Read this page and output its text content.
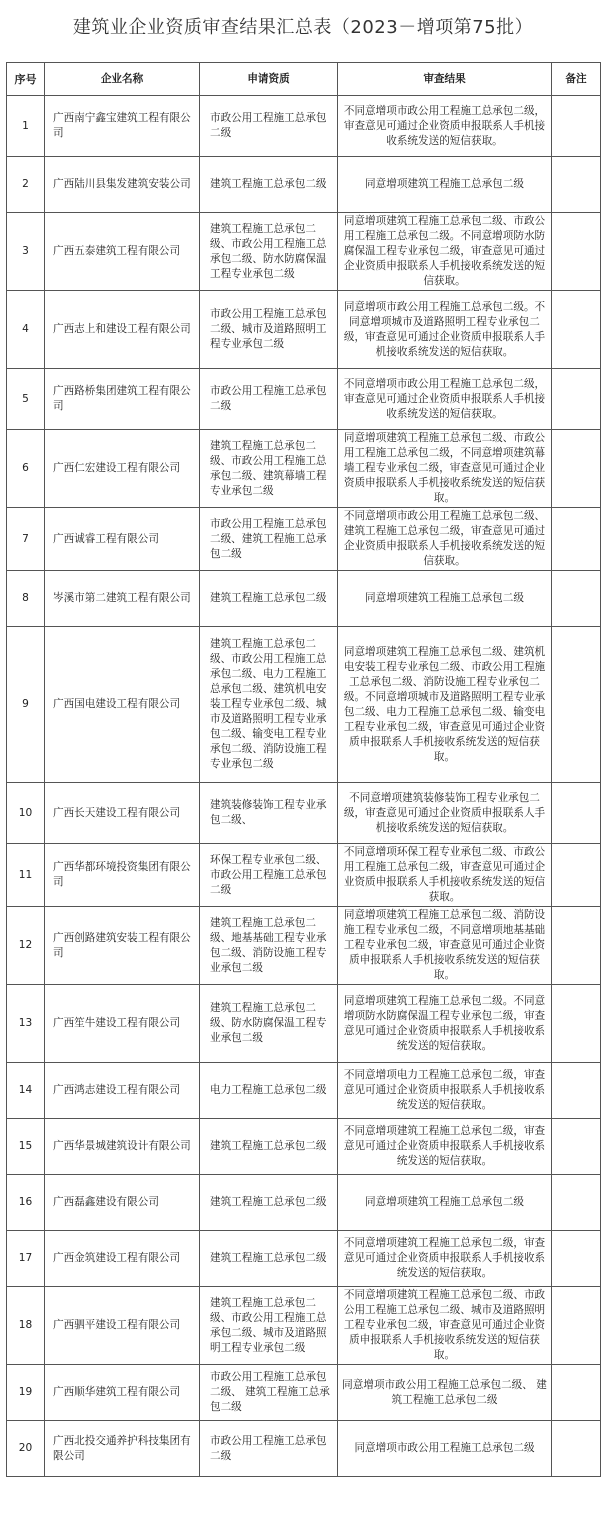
建筑业企业资质审查结果汇总表（2023－增项第75批）
序号	企业名称	申请资质	审查结果	备注
1	广西南宁鑫宝建筑工程有限公司	市政公用工程施工总承包二级	不同意增项市政公用工程施工总承包二级，审查意见可通过企业资质申报联系人手机接收系统发送的短信获取。	
2	广西陆川县集发建筑安装公司	建筑工程施工总承包二级	同意增项建筑工程施工总承包二级	
3	广西五泰建筑工程有限公司	建筑工程施工总承包二级、市政公用工程施工总承包二级、防水防腐保温工程专业承包二级	同意增项建筑工程施工总承包二级、市政公用工程施工总承包二级。不同意增项防水防腐保温工程专业承包二级，审查意见可通过企业资质申报联系人手机接收系统发送的短信获取。	
4	广西志上和建设工程有限公司	市政公用工程施工总承包二级、城市及道路照明工程专业承包二级	同意增项市政公用工程施工总承包二级。不同意增项城市及道路照明工程专业承包二级，审查意见可通过企业资质申报联系人手机接收系统发送的短信获取。	
5	广西路桥集团建筑工程有限公司	市政公用工程施工总承包二级	不同意增项市政公用工程施工总承包二级，审查意见可通过企业资质申报联系人手机接收系统发送的短信获取。	
6	广西仁宏建设工程有限公司	建筑工程施工总承包二级、市政公用工程施工总承包二级、建筑幕墙工程专业承包二级	同意增项建筑工程施工总承包二级、市政公用工程施工总承包二级，不同意增项建筑幕墙工程专业承包二级，审查意见可通过企业资质申报联系人手机接收系统发送的短信获取。	
7	广西诚睿工程有限公司	市政公用工程施工总承包二级、建筑工程施工总承包二级	不同意增项市政公用工程施工总承包二级、建筑工程施工总承包二级，审查意见可通过企业资质申报联系人手机接收系统发送的短信获取。	
8	岑溪市第二建筑工程有限公司	建筑工程施工总承包二级	同意增项建筑工程施工总承包二级	
9	广西国电建设工程有限公司	建筑工程施工总承包二级、市政公用工程施工总承包二级、电力工程施工总承包二级、建筑机电安装工程专业承包二级、城市及道路照明工程专业承包二级、输变电工程专业承包二级、消防设施工程专业承包二级	同意增项建筑工程施工总承包二级、建筑机电安装工程专业承包二级、市政公用工程施工总承包二级、消防设施工程专业承包二级。不同意增项城市及道路照明工程专业承包二级、电力工程施工总承包二级、输变电工程专业承包二级，审查意见可通过企业资质申报联系人手机接收系统发送的短信获取。	
10	广西长天建设工程有限公司	建筑装修装饰工程专业承包二级、	不同意增项建筑装修装饰工程专业承包二级，审查意见可通过企业资质申报联系人手机接收系统发送的短信获取。	
11	广西华都环境投资集团有限公司	环保工程专业承包二级、市政公用工程施工总承包二级	不同意增项环保工程专业承包二级、市政公用工程施工总承包二级，审查意见可通过企业资质申报联系人手机接收系统发送的短信获取。	
12	广西创路建筑安装工程有限公司	建筑工程施工总承包二级、地基基础工程专业承包二级、消防设施工程专业承包二级	同意增项建筑工程施工总承包二级、消防设施工程专业承包二级，不同意增项地基基础工程专业承包二级，审查意见可通过企业资质申报联系人手机接收系统发送的短信获取。	
13	广西笙牛建设工程有限公司	建筑工程施工总承包二级、防水防腐保温工程专业承包二级	同意增项建筑工程施工总承包二级。不同意增项防水防腐保温工程专业承包二级，审查意见可通过企业资质申报联系人手机接收系统发送的短信获取。	
14	广西鸿志建设工程有限公司	电力工程施工总承包二级	不同意增项电力工程施工总承包二级，审查意见可通过企业资质申报联系人手机接收系统发送的短信获取。	
15	广西华景城建筑设计有限公司	建筑工程施工总承包二级	不同意增项建筑工程施工总承包二级，审查意见可通过企业资质申报联系人手机接收系统发送的短信获取。	
16	广西磊鑫建设有限公司	建筑工程施工总承包二级	同意增项建筑工程施工总承包二级	
17	广西金筑建设工程有限公司	建筑工程施工总承包二级	不同意增项建筑工程施工总承包二级，审查意见可通过企业资质申报联系人手机接收系统发送的短信获取。	
18	广西驷平建设工程有限公司	建筑工程施工总承包二级、市政公用工程施工总承包二级、城市及道路照明工程专业承包二级	不同意增项建筑工程施工总承包二级、市政公用工程施工总承包二级、城市及道路照明工程专业承包二级，审查意见可通过企业资质申报联系人手机接收系统发送的短信获取。	
19	广西顺华建筑工程有限公司	市政公用工程施工总承包二级、 建筑工程施工总承包二级	同意增项市政公用工程施工总承包二级、 建筑工程施工总承包二级	
20	广西北投交通养护科技集团有限公司	市政公用工程施工总承包二级	同意增项市政公用工程施工总承包二级	
